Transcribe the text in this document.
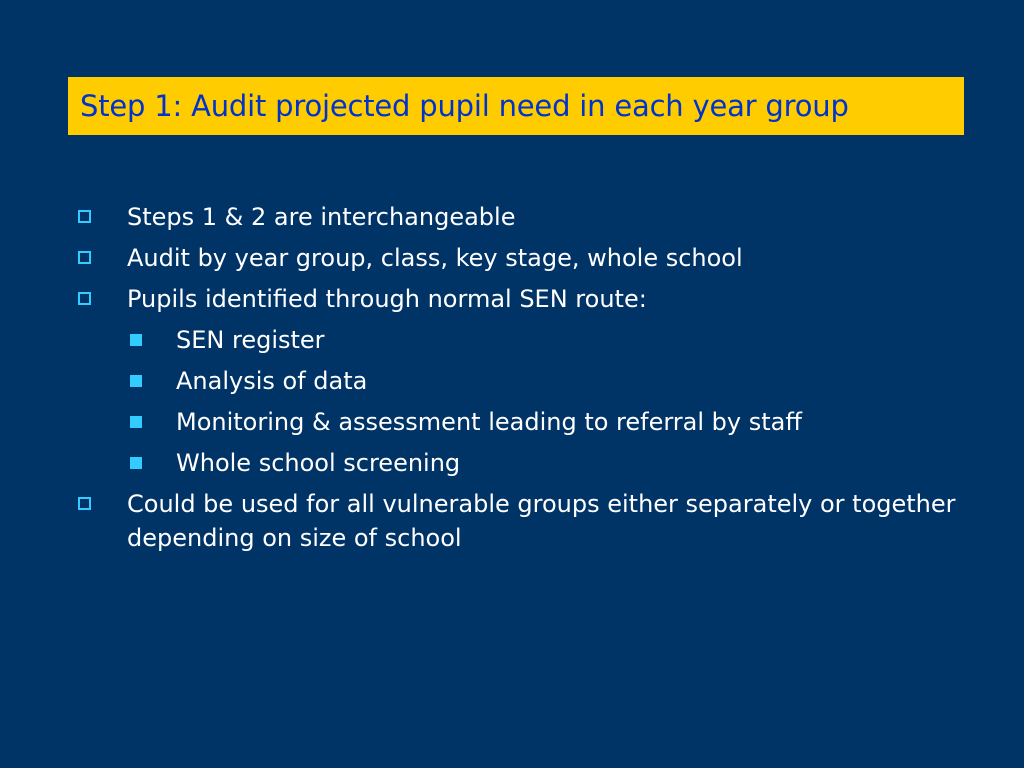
Step 1: Audit projected pupil need in each year group
Steps 1 & 2 are interchangeable
Audit by year group, class, key stage, whole school
Pupils identified through normal SEN route:
SEN register
Analysis of data
Monitoring & assessment leading to referral by staff
Whole school screening
Could be used for all vulnerable groups either separately or together depending on size of school
